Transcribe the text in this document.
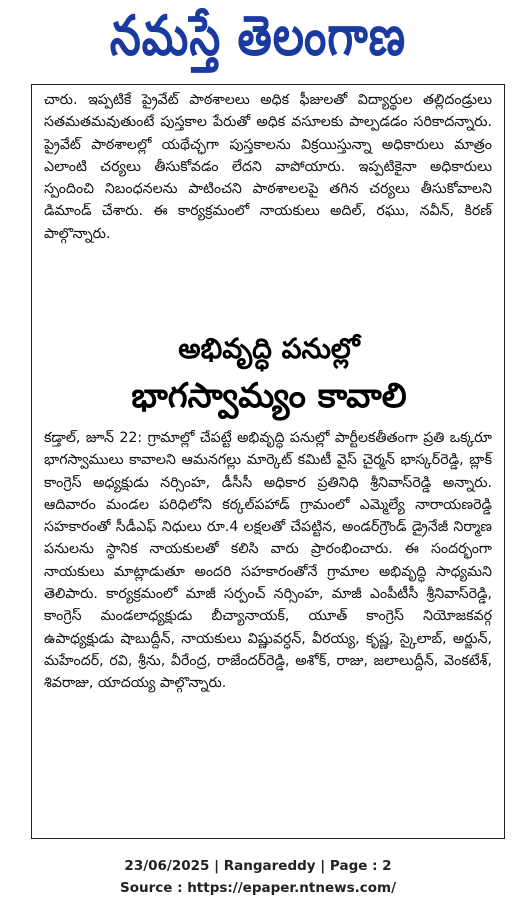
నమస్తే తెలంగాణ

చారు. ఇప్పటికే ప్రైవేట్ పాఠశాలలు అధిక ఫీజులతో విద్యార్థుల తల్లిదండ్రులు సతమతమవుతుంటే పుస్తకాల పేరుతో అధిక వసూలకు పాల్పడడం సరికాదన్నారు. ప్రైవేట్ పాఠశాలల్లో యథేచ్ఛగా పుస్తకాలను విక్రయిస్తున్నా అధికారులు మాత్రం ఎలాంటి చర్యలు తీసుకోవడం లేదని వాపోయారు. ఇప్పటికైనా అధికారులు స్పందించి నిబంధనలను పాటించని పాఠశాలలపై తగిన చర్యలు తీసుకోవాలని డిమాండ్ చేశారు. ఈ కార్యక్రమంలో నాయకులు అదిల్, రఘు, నవీన్, కిరణ్ పాల్గొన్నారు.

అభివృద్ధి పనుల్లో
భాగస్వామ్యం కావాలి

కడ్తాల్, జూన్ 22: గ్రామాల్లో చేపట్టే అభివృద్ధి పనుల్లో పార్టీలకతీతంగా ప్రతి ఒక్కరూ భాగస్వాములు కావాలని ఆమనగల్లు మార్కెట్ కమిటీ వైస్ చైర్మన్ భాస్కర్‌రెడ్డి, బ్లాక్ కాంగ్రెస్ అధ్యక్షుడు నర్సింహ, డీసీసీ అధికార ప్రతినిధి శ్రీనివాస్‌రెడ్డి అన్నారు. ఆదివారం మండల పరిధిలోని కర్కల్‌పహాడ్ గ్రామంలో ఎమ్మెల్యే నారాయణరెడ్డి సహకారంతో సీడీఎఫ్ నిధులు రూ.4 లక్షలతో చేపట్టిన, అండర్‌గ్రౌండ్ డ్రైనేజీ నిర్మాణ పనులను స్థానిక నాయకులతో కలిసి వారు ప్రారంభించారు. ఈ సందర్భంగా నాయకులు మాట్లాడుతూ అందరి సహకారంతోనే గ్రామాల అభివృద్ధి సాధ్యమని తెలిపారు. కార్యక్రమంలో మాజీ సర్పంచ్ నర్సింహ, మాజీ ఎంపీటీసీ శ్రీనివాస్‌రెడ్డి, కాంగ్రెస్ మండలాధ్యక్షుడు బీచ్యానాయక్, యూత్ కాంగ్రెస్ నియోజకవర్గ ఉపాధ్యక్షుడు షాబుద్దీన్, నాయకులు విష్ణువర్ధన్, వీరయ్య, కృష్ణ, స్కైలాబ్, అర్జున్, మహేందర్, రవి, శ్రీను, వీరేంద్ర, రాజేందర్‌రెడ్డి, అశోక్, రాజు, జలాలుద్దీన్, వెంకటేశ్, శివరాజు, యాదయ్య పాల్గొన్నారు.

23/06/2025 | Rangareddy | Page : 2
Source : https://epaper.ntnews.com/
